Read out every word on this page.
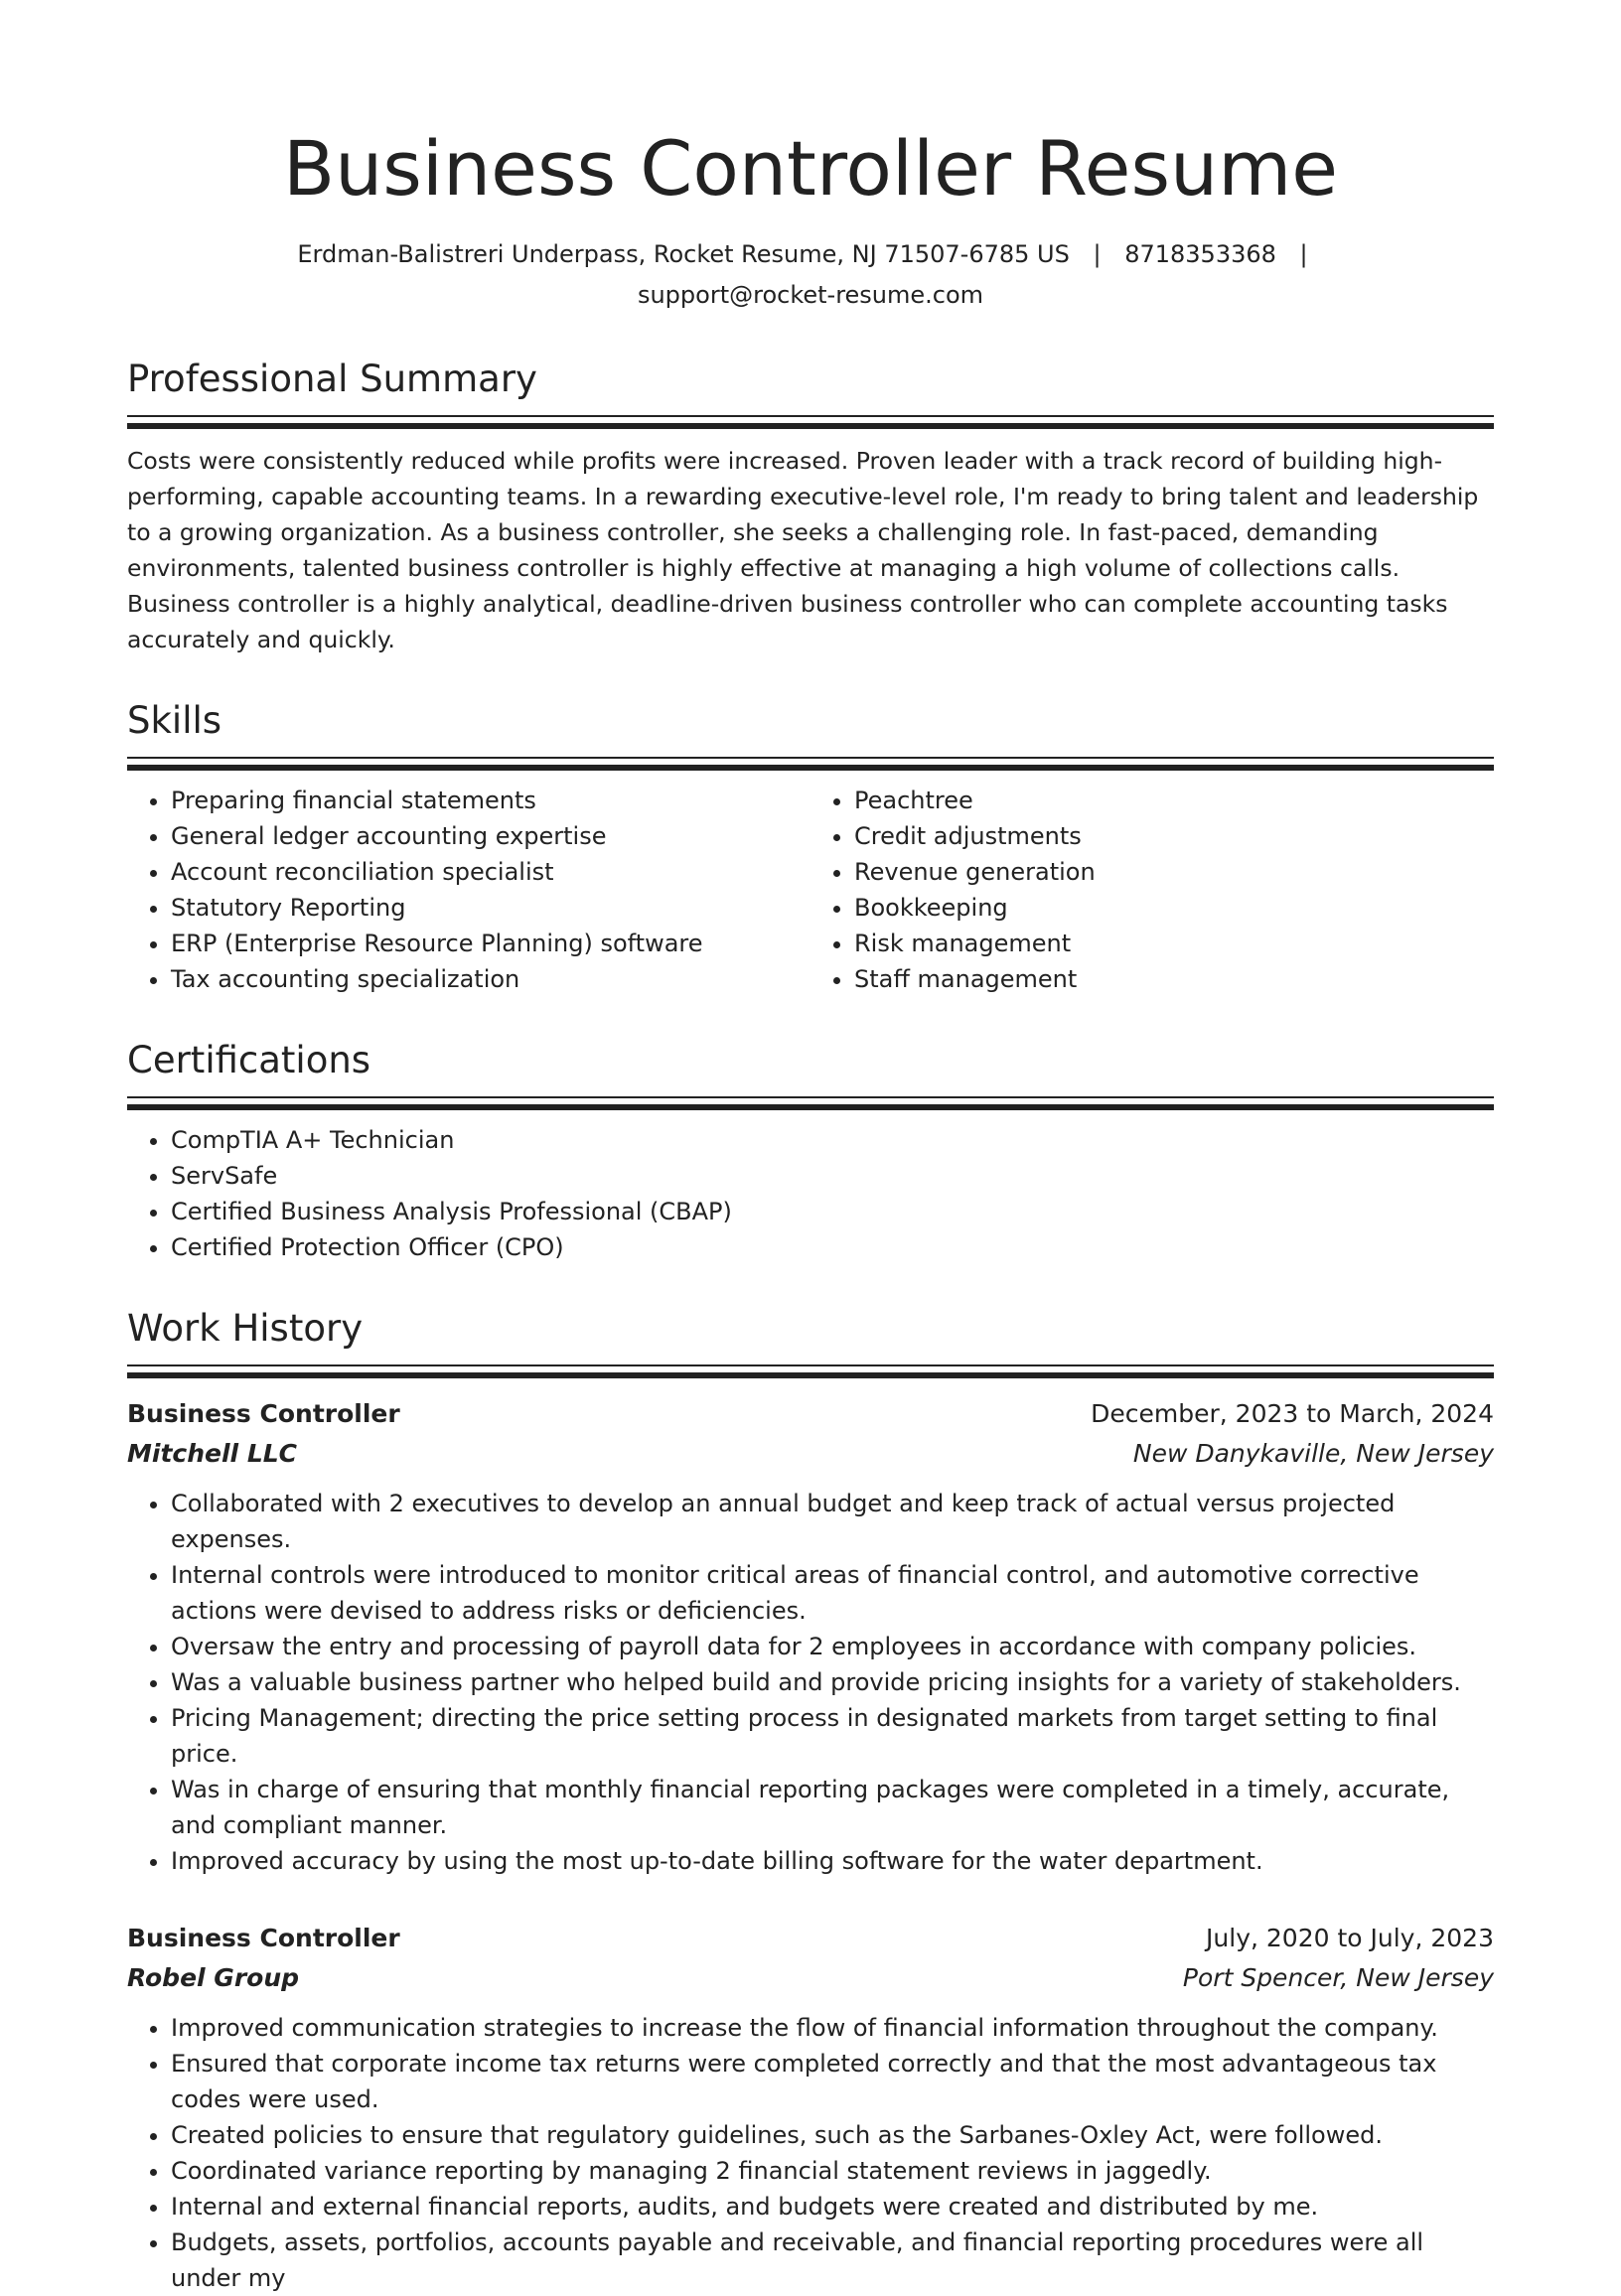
Business Controller Resume
Erdman-Balistreri Underpass, Rocket Resume, NJ 71507-6785 US | 8718353368 |
support@rocket-resume.com
Professional Summary

Costs were consistently reduced while profits were increased. Proven leader with a track record of building high-performing, capable accounting teams. In a rewarding executive-level role, I'm ready to bring talent and leadership to a growing organization. As a business controller, she seeks a challenging role. In fast-paced, demanding environments, talented business controller is highly effective at managing a high volume of collections calls. Business controller is a highly analytical, deadline-driven business controller who can complete accounting tasks accurately and quickly.

Skills
• Preparing financial statements
• General ledger accounting expertise
• Account reconciliation specialist
• Statutory Reporting
• ERP (Enterprise Resource Planning) software
• Tax accounting specialization
• Peachtree
• Credit adjustments
• Revenue generation
• Bookkeeping
• Risk management
• Staff management
Certifications
• CompTIA A+ Technician
• ServSafe
• Certified Business Analysis Professional (CBAP)
• Certified Protection Officer (CPO)
Work History
Business Controller	December, 2023 to March, 2024
Mitchell LLC	New Danykaville, New Jersey
• Collaborated with 2 executives to develop an annual budget and keep track of actual versus projected expenses.
• Internal controls were introduced to monitor critical areas of financial control, and automotive corrective actions were devised to address risks or deficiencies.
• Oversaw the entry and processing of payroll data for 2 employees in accordance with company policies.
• Was a valuable business partner who helped build and provide pricing insights for a variety of stakeholders.
• Pricing Management; directing the price setting process in designated markets from target setting to final price.
• Was in charge of ensuring that monthly financial reporting packages were completed in a timely, accurate, and compliant manner.
• Improved accuracy by using the most up-to-date billing software for the water department.
Business Controller	July, 2020 to July, 2023
Robel Group	Port Spencer, New Jersey
• Improved communication strategies to increase the flow of financial information throughout the company.
• Ensured that corporate income tax returns were completed correctly and that the most advantageous tax codes were used.
• Created policies to ensure that regulatory guidelines, such as the Sarbanes-Oxley Act, were followed.
• Coordinated variance reporting by managing 2 financial statement reviews in jaggedly.
• Internal and external financial reports, audits, and budgets were created and distributed by me.
• Budgets, assets, portfolios, accounts payable and receivable, and financial reporting procedures were all under my
